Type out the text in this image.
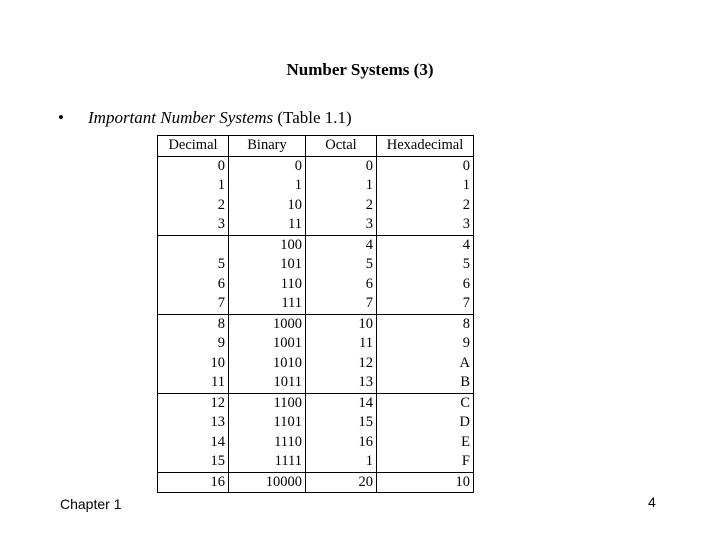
Number Systems (3)
• Important Number Systems (Table 1.1)
Decimal	Binary	Octal	Hexadecimal
0	0	0	0
1	1	1	1
2	10	2	2
3	11	3	3
	100	4	4
5	101	5	5
6	110	6	6
7	111	7	7
8	1000	10	8
9	1001	11	9
10	1010	12	A
11	1011	13	B
12	1100	14	C
13	1101	15	D
14	1110	16	E
15	1111	1	F
16	10000	20	10
Chapter 1	4
